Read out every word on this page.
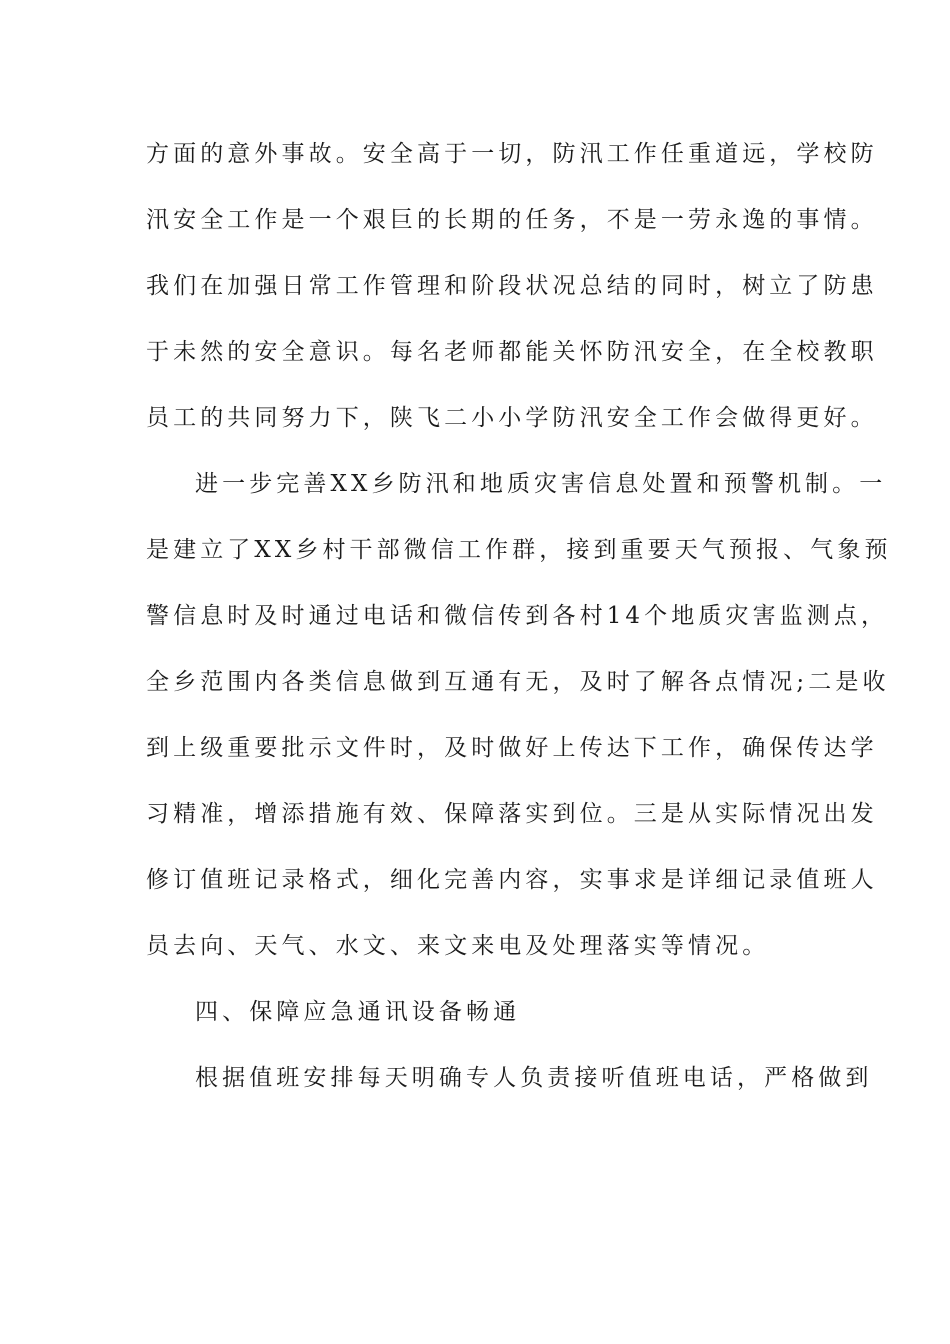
方面的意外事故。安全高于一切，防汛工作任重道远，学校防
汛安全工作是一个艰巨的长期的任务，不是一劳永逸的事情。
我们在加强日常工作管理和阶段状况总结的同时，树立了防患
于未然的安全意识。每名老师都能关怀防汛安全，在全校教职
员工的共同努力下，陕飞二小小学防汛安全工作会做得更好。
进一步完善XX乡防汛和地质灾害信息处置和预警机制。一
是建立了XX乡村干部微信工作群，接到重要天气预报、气象预
警信息时及时通过电话和微信传到各村14个地质灾害监测点，
全乡范围内各类信息做到互通有无，及时了解各点情况;二是收
到上级重要批示文件时，及时做好上传达下工作，确保传达学
习精准，增添措施有效、保障落实到位。三是从实际情况出发
修订值班记录格式，细化完善内容，实事求是详细记录值班人
员去向、天气、水文、来文来电及处理落实等情况。
四、保障应急通讯设备畅通
根据值班安排每天明确专人负责接听值班电话，严格做到
